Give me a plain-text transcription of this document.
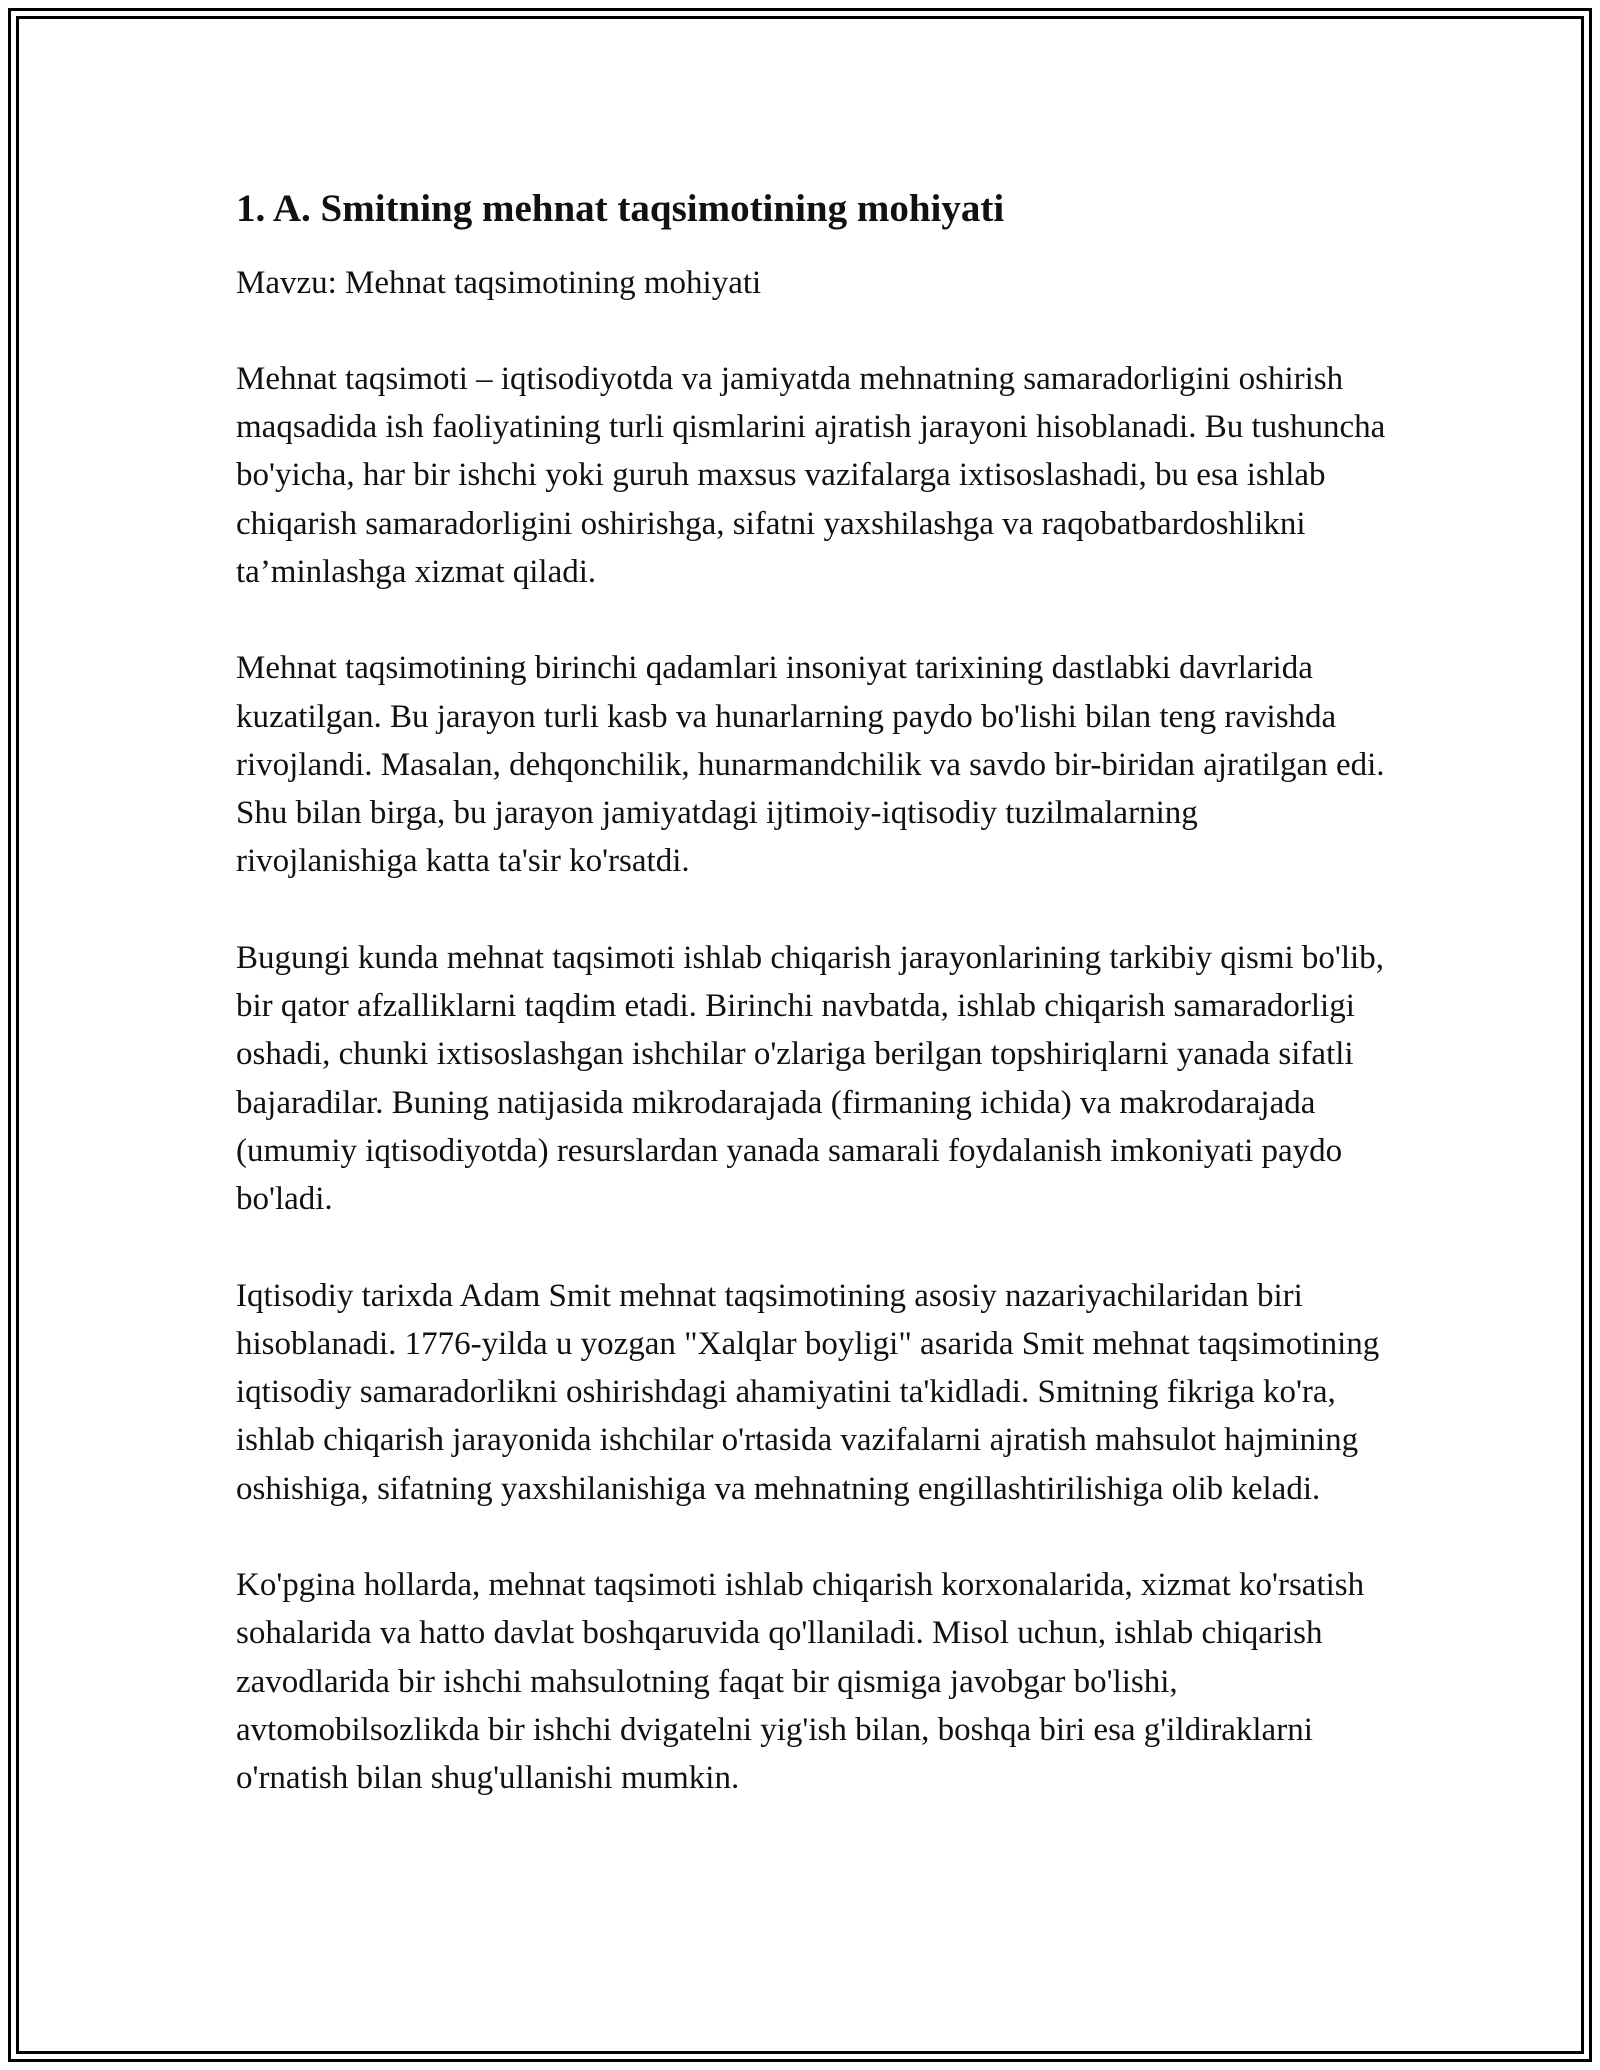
1. A. Smitning mehnat taqsimotining mohiyati

Mavzu: Mehnat taqsimotining mohiyati

Mehnat taqsimoti – iqtisodiyotda va jamiyatda mehnatning samaradorligini oshirish maqsadida ish faoliyatining turli qismlarini ajratish jarayoni hisoblanadi. Bu tushuncha bo'yicha, har bir ishchi yoki guruh maxsus vazifalarga ixtisoslashadi, bu esa ishlab chiqarish samaradorligini oshirishga, sifatni yaxshilashga va raqobatbardoshlikni ta’minlashga xizmat qiladi.

Mehnat taqsimotining birinchi qadamlari insoniyat tarixining dastlabki davrlarida kuzatilgan. Bu jarayon turli kasb va hunarlarning paydo bo'lishi bilan teng ravishda rivojlandi. Masalan, dehqonchilik, hunarmandchilik va savdo bir-biridan ajratilgan edi. Shu bilan birga, bu jarayon jamiyatdagi ijtimoiy-iqtisodiy tuzilmalarning rivojlanishiga katta ta'sir ko'rsatdi.

Bugungi kunda mehnat taqsimoti ishlab chiqarish jarayonlarining tarkibiy qismi bo'lib, bir qator afzalliklarni taqdim etadi. Birinchi navbatda, ishlab chiqarish samaradorligi oshadi, chunki ixtisoslashgan ishchilar o'zlariga berilgan topshiriqlarni yanada sifatli bajaradilar. Buning natijasida mikrodarajada (firmaning ichida) va makrodarajada (umumiy iqtisodiyotda) resurslardan yanada samarali foydalanish imkoniyati paydo bo'ladi.

Iqtisodiy tarixda Adam Smit mehnat taqsimotining asosiy nazariyachilaridan biri hisoblanadi. 1776-yilda u yozgan "Xalqlar boyligi" asarida Smit mehnat taqsimotining iqtisodiy samaradorlikni oshirishdagi ahamiyatini ta'kidladi. Smitning fikriga ko'ra, ishlab chiqarish jarayonida ishchilar o'rtasida vazifalarni ajratish mahsulot hajmining oshishiga, sifatning yaxshilanishiga va mehnatning engillashtirilishiga olib keladi.

Ko'pgina hollarda, mehnat taqsimoti ishlab chiqarish korxonalarida, xizmat ko'rsatish sohalarida va hatto davlat boshqaruvida qo'llaniladi. Misol uchun, ishlab chiqarish zavodlarida bir ishchi mahsulotning faqat bir qismiga javobgar bo'lishi, avtomobilsozlikda bir ishchi dvigatelni yig'ish bilan, boshqa biri esa g'ildiraklarni o'rnatish bilan shug'ullanishi mumkin.
